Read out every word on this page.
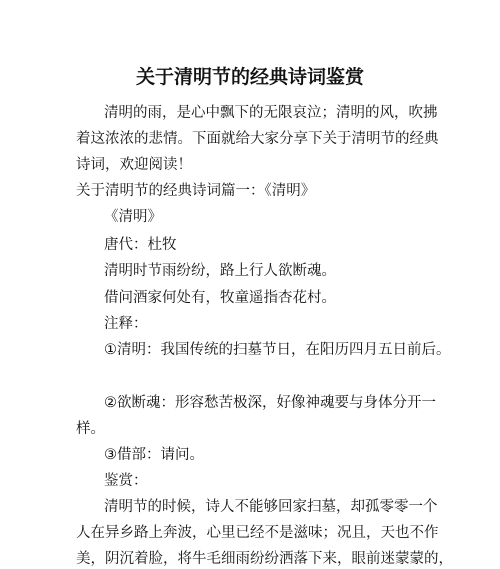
关于清明节的经典诗词鉴赏
清明的雨，是心中飘下的无限哀泣；清明的风，吹拂
着这浓浓的悲情。下面就给大家分享下关于清明节的经典
诗词，欢迎阅读！
关于清明节的经典诗词篇一：《清明》
《清明》
唐代：杜牧
清明时节雨纷纷，路上行人欲断魂。
借问酒家何处有，牧童遥指杏花村。
注释：
①清明：我国传统的扫墓节日，在阳历四月五日前后。
②欲断魂：形容愁苦极深，好像神魂要与身体分开一
样。
③借部：请问。
鉴赏：
清明节的时候，诗人不能够回家扫墓，却孤零零一个
人在异乡路上奔波，心里已经不是滋味；况且，天也不作
美，阴沉着脸，将牛毛细雨纷纷洒落下来，眼前迷蒙蒙的，
